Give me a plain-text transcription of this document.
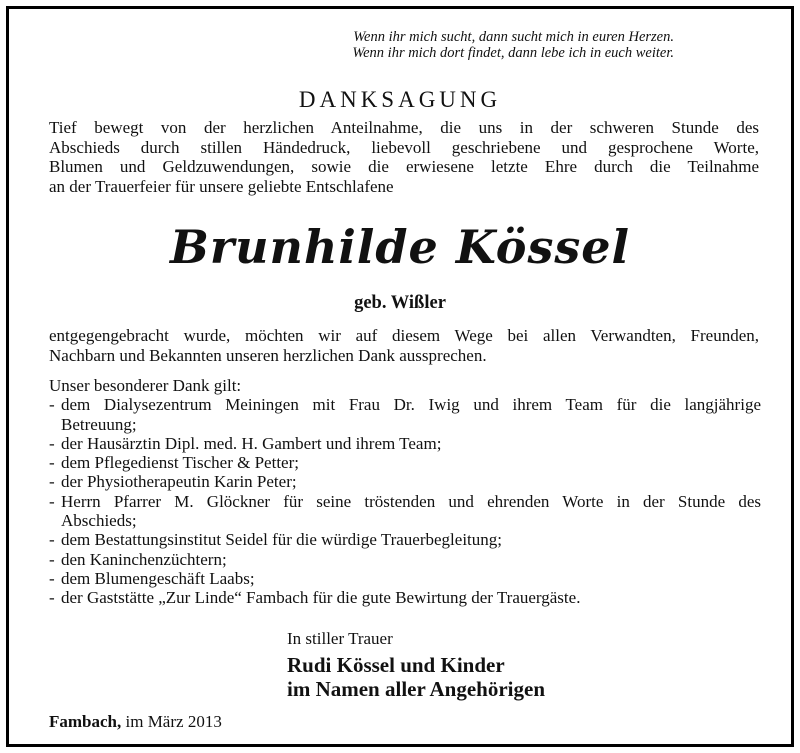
Wenn ihr mich sucht, dann sucht mich in euren Herzen.
Wenn ihr mich dort findet, dann lebe ich in euch weiter.
DANKSAGUNG
Tief bewegt von der herzlichen Anteilnahme, die uns in der schweren Stunde des
Abschieds durch stillen Händedruck, liebevoll geschriebene und gesprochene Worte,
Blumen und Geldzuwendungen, sowie die erwiesene letzte Ehre durch die Teilnahme
an der Trauerfeier für unsere geliebte Entschlafene
Brunhilde Kössel
geb. Wißler
entgegengebracht wurde, möchten wir auf diesem Wege bei allen Verwandten, Freunden,
Nachbarn und Bekannten unseren herzlichen Dank aussprechen.
Unser besonderer Dank gilt:
- dem Dialysezentrum Meiningen mit Frau Dr. Iwig und ihrem Team für die langjährige
Betreuung;
- der Hausärztin Dipl. med. H. Gambert und ihrem Team;
- dem Pflegedienst Tischer & Petter;
- der Physiotherapeutin Karin Peter;
- Herrn Pfarrer M. Glöckner für seine tröstenden und ehrenden Worte in der Stunde des
Abschieds;
- dem Bestattungsinstitut Seidel für die würdige Trauerbegleitung;
- den Kaninchenzüchtern;
- dem Blumengeschäft Laabs;
- der Gaststätte „Zur Linde“ Fambach für die gute Bewirtung der Trauergäste.
In stiller Trauer
Rudi Kössel und Kinder
im Namen aller Angehörigen
Fambach, im März 2013
